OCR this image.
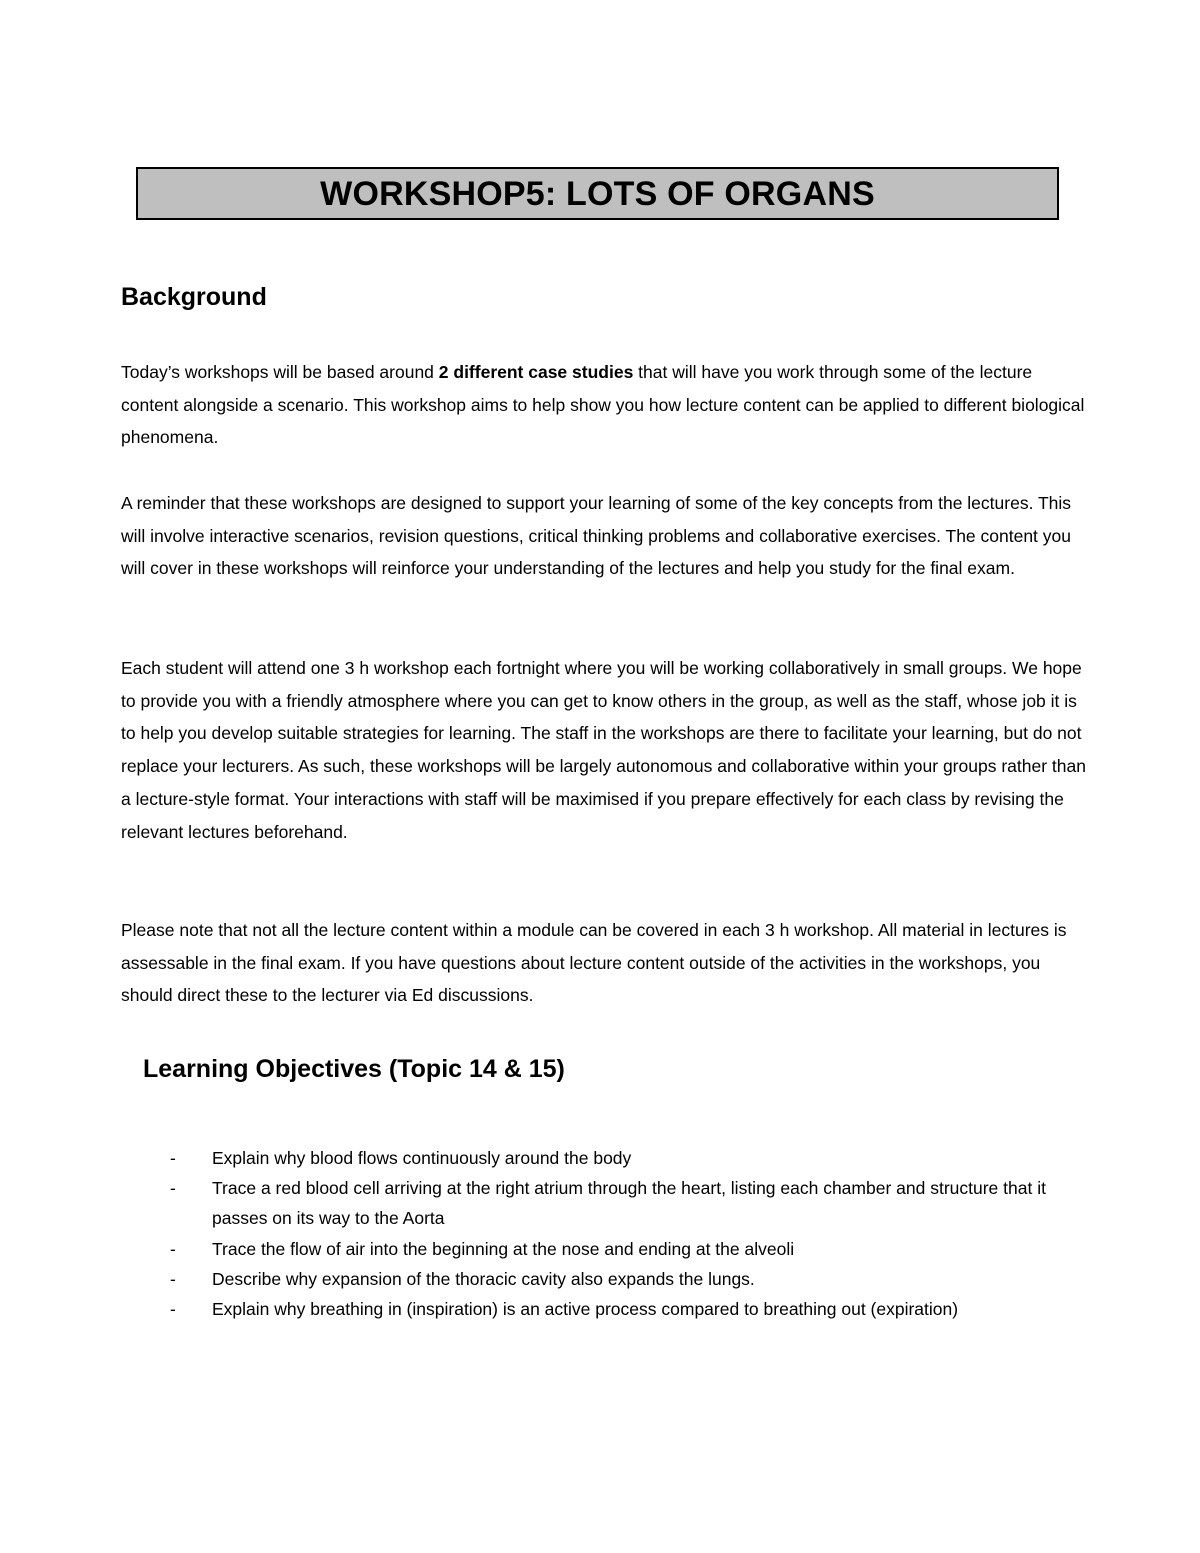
WORKSHOP5: LOTS OF ORGANS
Background

Today’s workshops will be based around 2 different case studies that will have you work through some of the lecture content alongside a scenario. This workshop aims to help show you how lecture content can be applied to different biological phenomena.

A reminder that these workshops are designed to support your learning of some of the key concepts from the lectures. This will involve interactive scenarios, revision questions, critical thinking problems and collaborative exercises. The content you will cover in these workshops will reinforce your understanding of the lectures and help you study for the final exam.

Each student will attend one 3 h workshop each fortnight where you will be working collaboratively in small groups. We hope to provide you with a friendly atmosphere where you can get to know others in the group, as well as the staff, whose job it is to help you develop suitable strategies for learning. The staff in the workshops are there to facilitate your learning, but do not replace your lecturers. As such, these workshops will be largely autonomous and collaborative within your groups rather than a lecture-style format. Your interactions with staff will be maximised if you prepare effectively for each class by revising the relevant lectures beforehand.

Please note that not all the lecture content within a module can be covered in each 3 h workshop. All material in lectures is assessable in the final exam. If you have questions about lecture content outside of the activities in the workshops, you should direct these to the lecturer via Ed discussions.

Learning Objectives (Topic 14 & 15)
-	Explain why blood flows continuously around the body
-	Trace a red blood cell arriving at the right atrium through the heart, listing each chamber and structure that it passes on its way to the Aorta
-	Trace the flow of air into the beginning at the nose and ending at the alveoli
-	Describe why expansion of the thoracic cavity also expands the lungs.
-	Explain why breathing in (inspiration) is an active process compared to breathing out (expiration)
